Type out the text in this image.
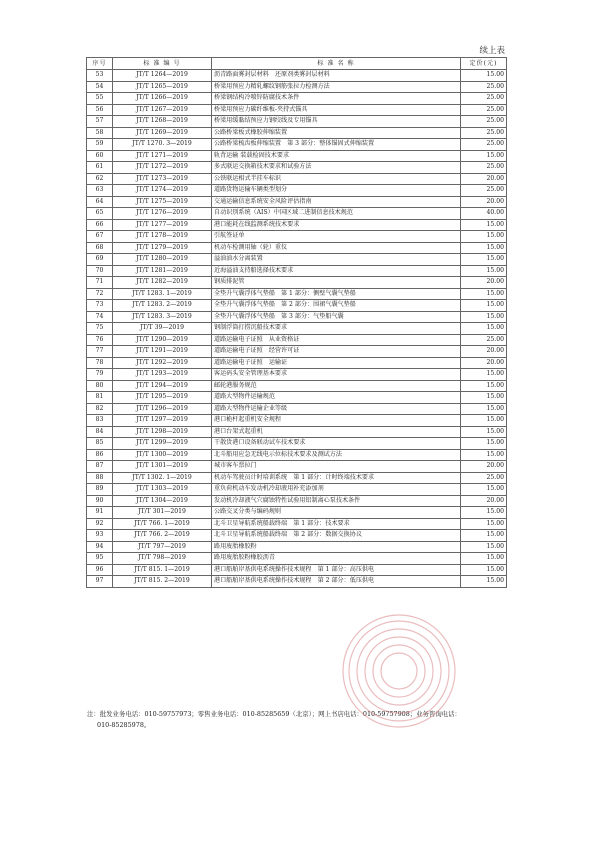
续上表
序号	标 准 编 号	标 准 名 称	定价(元)
53	JT/T 1264—2019	沥青路面雾封层材料　还原剂类雾封层材料	15.00
54	JT/T 1265—2019	桥梁用预应力精轧螺纹钢筋张拉力检测方法	25.00
55	JT/T 1266—2019	桥梁钢结构冷喷锌防腐技术条件	25.00
56	JT/T 1267—2019	桥梁用预应力碳纤维板-夹持式锚具	25.00
57	JT/T 1268—2019	桥梁用缓黏结预应力钢绞线及专用锚具	25.00
58	JT/T 1269—2019	公路桥梁板式橡胶伸缩装置	25.00
59	JT/T 1270. 3—2019	公路桥梁梳齿板伸缩装置　第 3 部分：整体锚固式伸缩装置	25.00
60	JT/T 1271—2019	轨背运输 装载检固技术要求	15.00
61	JT/T 1272—2019	多式联运交换箱技术要求和试验方法	25.00
62	JT/T 1273—2019	公铁联运相式半挂车标识	20.00
63	JT/T 1274—2019	道路货物运输车辆类型划分	25.00
64	JT/T 1275—2019	交通运输信息系统安全风险评估指南	20.00
65	JT/T 1276—2019	自动识别系统（AIS）中国区域二进制信息技术规范	40.00
66	JT/T 1277—2019	港口能耗在线监测系统技术要求	15.00
67	JT/T 1278—2019	引航签证单	15.00
68	JT/T 1279—2019	机动车检测用轴（轮）重仪	15.00
69	JT/T 1280—2019	溢油油水分离装置	15.00
70	JT/T 1281—2019	近海溢油支持船选择技术要求	15.00
71	JT/T 1282—2019	钢质排泥管	20.00
72	JT/T 1283. 1—2019	全垫升气囊浮体气垫船　第 1 部分：侧壁气囊气垫船	15.00
73	JT/T 1283. 2—2019	全垫升气囊浮体气垫船　第 2 部分：围裙气囊气垫船	15.00
74	JT/T 1283. 3—2019	全垫升气囊浮体气垫船　第 3 部分：气垫船气囊	15.00
75	JT/T 39—2019	钢制浮筒打捞沉船技术要求	15.00
76	JT/T 1290—2019	道路运输电子证照　从业资格证	25.00
77	JT/T 1291—2019	道路运输电子证照　经营许可证	20.00
78	JT/T 1292—2019	道路运输电子证照　运输证	20.00
79	JT/T 1293—2019	客运码头安全管理基本要求	15.00
80	JT/T 1294—2019	邮轮港服务规范	15.00
81	JT/T 1295—2019	道路大型物件运输规范	15.00
82	JT/T 1296—2019	道路大型物件运输企业等级	15.00
83	JT/T 1297—2019	港口桅杆起重机安全规程	15.00
84	JT/T 1298—2019	港口台架式起重机	15.00
85	JT/T 1299—2019	干散货港口设备联动试车技术要求	15.00
86	JT/T 1300—2019	北斗船用应急无线电示位标技术要求及测试方法	15.00
87	JT/T 1301—2019	城市客车票拉门	20.00
88	JT/T 1302. 1—2019	机动车驾驶员计时培训系统　第 1 部分：计时终端技术要求	25.00
89	JT/T 1303—2019	重负荷机动车发动机冷却液用补充添加剂	15.00
90	JT/T 1304—2019	发动机冷却液气穴腐蚀特性试验用铝制离心泵技术条件	20.00
91	JT/T 301—2019	公路交叉分类与编码规则	15.00
92	JT/T 766. 1—2019	北斗卫星导航系统船载终端　第 1 部分：技术要求	15.00
93	JT/T 766. 2—2019	北斗卫星导航系统船载终端　第 2 部分：数据交换协议	15.00
94	JT/T 797—2019	路用废胎橡胶粉	15.00
95	JT/T 798—2019	路用废胎胶粉橡胶沥青	15.00
96	JT/T 815. 1—2019	港口船舶岸基供电系统操作技术规程　第 1 部分：高压供电	15.00
97	JT/T 815. 2—2019	港口船舶岸基供电系统操作技术规程　第 2 部分：低压供电	15.00
注：批发业务电话：010-59757973；零售业务电话：010-85285659（北京）；网上书店电话：010-59757908；业务咨询电话：
010-85285978。
